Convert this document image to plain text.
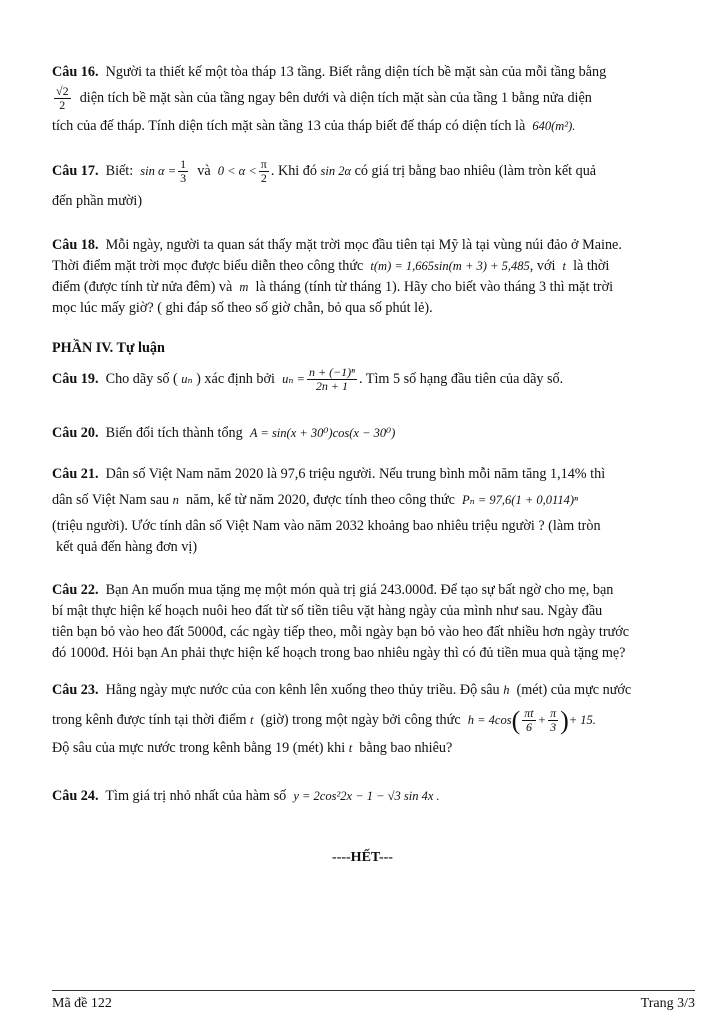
Câu 16. Người ta thiết kế một tòa tháp 13 tầng. Biết rằng diện tích bề mặt sàn của mỗi tầng bằng
$\frac{√2}{2}$ diện tích bề mặt sàn của tầng ngay bên dưới và diện tích mặt sàn của tầng 1 bằng nửa diện
tích của đế tháp. Tính diện tích mặt sàn tầng 13 của tháp biết đế tháp có diện tích là 640(m²).
Câu 17. Biết: $\sin \alpha = \frac{1}{3}$ và $0 < \alpha < \frac{\pi}{2}$ . Khi đó sin 2α có giá trị bằng bao nhiêu (làm tròn kết quả
đến phần mười)
Câu 18. Mỗi ngày, người ta quan sát thấy mặt trời mọc đầu tiên tại Mỹ là tại vùng núi đảo ở Maine.
Thời điểm mặt trời mọc được biểu diễn theo công thức t(m) = 1,665sin(m + 3) + 5,485, với t là thời
điểm (được tính từ nửa đêm) và m là tháng (tính từ tháng 1). Hãy cho biết vào tháng 3 thì mặt trời
mọc lúc mấy giờ? ( ghi đáp số theo số giờ chẵn, bỏ qua số phút lẻ).
PHẦN IV. Tự luận
Câu 19. Cho dãy số ( uₙ ) xác định bởi $u_n = \frac{\text{n + (−1)ⁿ}}{2n + 1}$ . Tìm 5 số hạng đầu tiên của dãy số.
Câu 20. Biến đổi tích thành tổng A = sin(x + 30⁰)cos(x − 30⁰)
Câu 21. Dân số Việt Nam năm 2020 là 97,6 triệu người. Nếu trung bình mỗi năm tăng 1,14% thì
dân số Việt Nam sau n năm, kể từ năm 2020, được tính theo công thức Pₙ = 97,6(1 + 0,0114)ⁿ
(triệu người). Ước tính dân số Việt Nam vào năm 2032 khoảng bao nhiêu triệu người ? (làm tròn
kết quả đến hàng đơn vị)
Câu 22. Bạn An muốn mua tặng mẹ một món quà trị giá 243.000đ. Để tạo sự bất ngờ cho mẹ, bạn
bí mật thực hiện kế hoạch nuôi heo đất từ số tiền tiêu vặt hàng ngày của mình như sau. Ngày đầu
tiên bạn bỏ vào heo đất 5000đ, các ngày tiếp theo, mỗi ngày bạn bỏ vào heo đất nhiều hơn ngày trước
đó 1000đ. Hỏi bạn An phải thực hiện kế hoạch trong bao nhiêu ngày thì có đủ tiền mua quà tặng mẹ?
Câu 23. Hằng ngày mực nước của con kênh lên xuống theo thủy triều. Độ sâu h (mét) của mực nước
trong kênh được tính tại thời điểm t (giờ) trong một ngày bởi công thức $h = 4\cos( \frac{\pi t}{6} + \frac{\pi}{3}$ )+ 15.
Độ sâu của mực nước trong kênh bằng 19 (mét) khi t bằng bao nhiêu?
Câu 24. Tìm giá trị nhỏ nhất của hàm số y = 2cos²2x − 1 − √3 sin 4x .
----HẾT---
Mã đề 122	Trang 3/3
